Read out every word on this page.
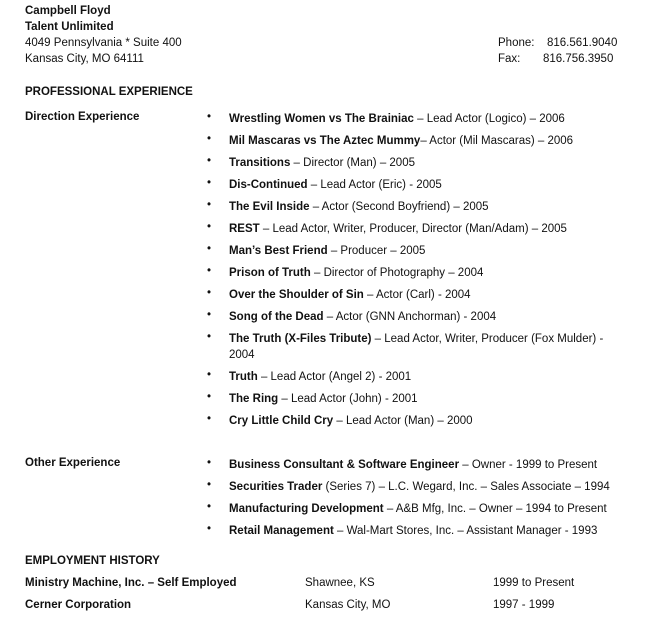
Campbell Floyd
Talent Unlimited
4049 Pennsylvania * Suite 400
Kansas City, MO 64111
Phone: 816.561.9040
Fax: 816.756.3950
PROFESSIONAL EXPERIENCE
Direction Experience	•	Wrestling Women vs The Brainiac – Lead Actor (Logico) – 2006
•	Mil Mascaras vs The Aztec Mummy– Actor (Mil Mascaras) – 2006
•	Transitions – Director (Man) – 2005
•	Dis-Continued – Lead Actor (Eric) - 2005
•	The Evil Inside – Actor (Second Boyfriend) – 2005
•	REST – Lead Actor, Writer, Producer, Director (Man/Adam) – 2005
•	Man’s Best Friend – Producer – 2005
•	Prison of Truth – Director of Photography – 2004
•	Over the Shoulder of Sin – Actor (Carl) - 2004
•	Song of the Dead – Actor (GNN Anchorman) - 2004
•	The Truth (X-Files Tribute) – Lead Actor, Writer, Producer (Fox Mulder) - 2004
•	Truth – Lead Actor (Angel 2) - 2001
•	The Ring – Lead Actor (John) - 2001
•	Cry Little Child Cry – Lead Actor (Man) – 2000
Other Experience	•	Business Consultant & Software Engineer – Owner - 1999 to Present
•	Securities Trader (Series 7) – L.C. Wegard, Inc. – Sales Associate – 1994
•	Manufacturing Development – A&B Mfg, Inc. – Owner – 1994 to Present
•	Retail Management – Wal-Mart Stores, Inc. – Assistant Manager - 1993
EMPLOYMENT HISTORY
Ministry Machine, Inc. – Self Employed	Shawnee, KS	1999 to Present
Cerner Corporation	Kansas City, MO	1997 - 1999
